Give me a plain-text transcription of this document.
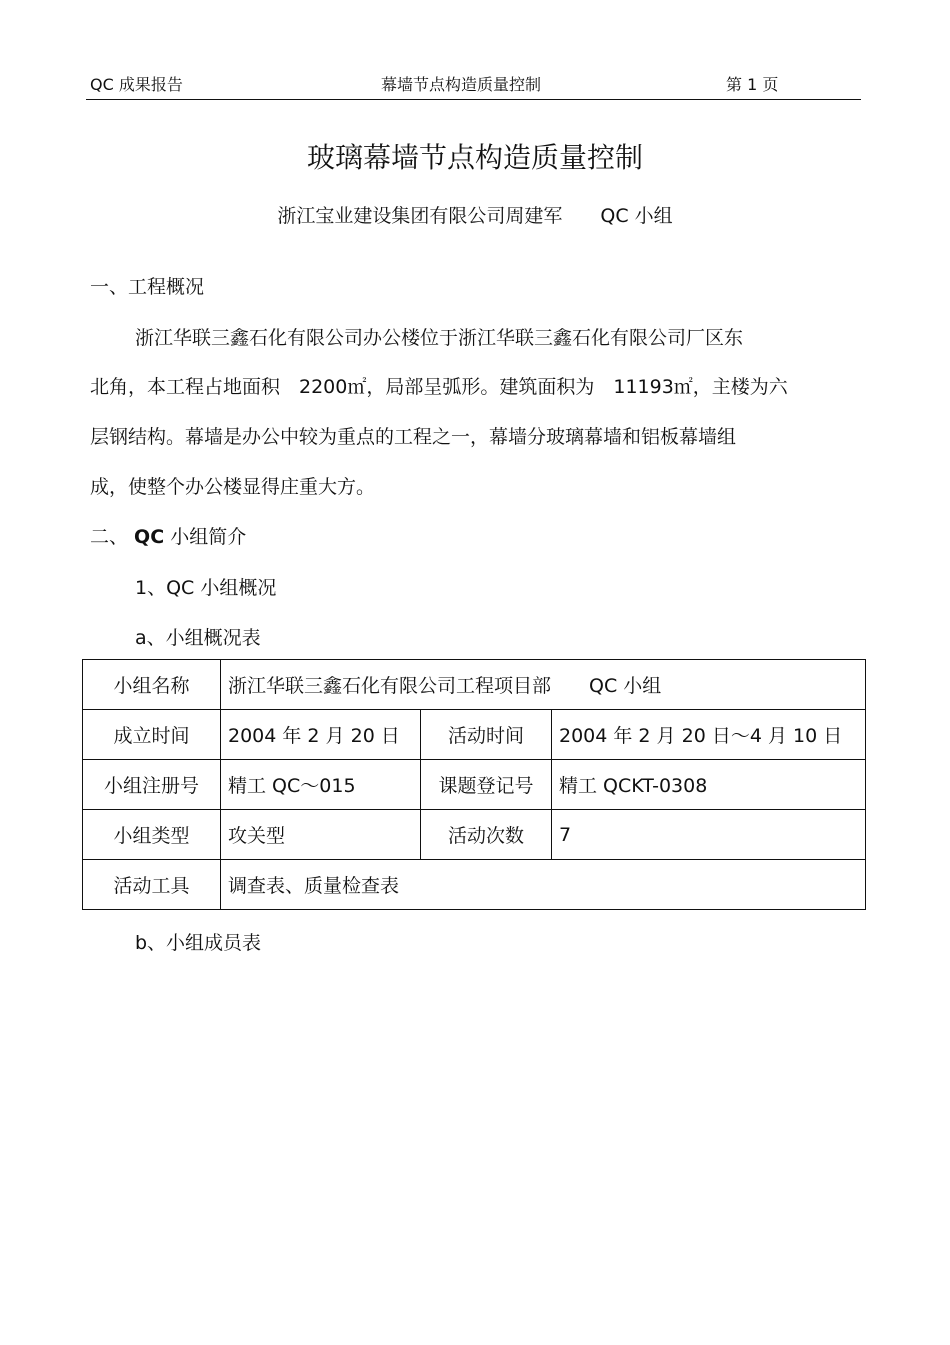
QC 成果报告	幕墙节点构造质量控制	第 1 页
玻璃幕墙节点构造质量控制
浙江宝业建设集团有限公司周建军 QC 小组
一、工程概况
浙江华联三鑫石化有限公司办公楼位于浙江华联三鑫石化有限公司厂区东
北角，本工程占地面积　2200㎡，局部呈弧形。建筑面积为　11193㎡，主楼为六
层钢结构。幕墙是办公中较为重点的工程之一，幕墙分玻璃幕墙和铝板幕墙组
成，使整个办公楼显得庄重大方。
二、 QC 小组简介
1、QC 小组概况
a、小组概况表
小组名称	浙江华联三鑫石化有限公司工程项目部　　QC 小组		
成立时间	2004 年 2 月 20 日	活动时间	2004 年 2 月 20 日～4 月 10 日
小组注册号	精工 QC～015	课题登记号	精工 QCKT-0308
小组类型	攻关型	活动次数	7
活动工具	调查表、质量检查表		
b、小组成员表
